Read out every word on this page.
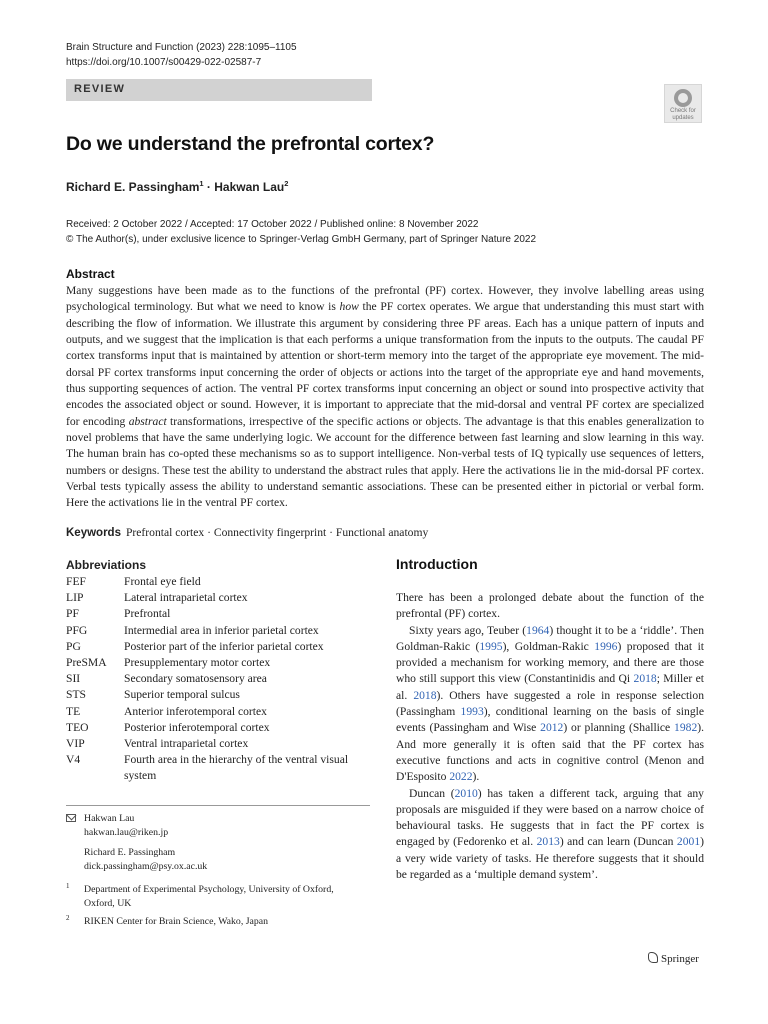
Brain Structure and Function (2023) 228:1095–1105
https://doi.org/10.1007/s00429-022-02587-7
REVIEW
Check for
updates
Do we understand the prefrontal cortex?
Richard E. Passingham$^1$ · Hakwan Lau$^2$
Received: 2 October 2022 / Accepted: 17 October 2022 / Published online: 8 November 2022
© The Author(s), under exclusive licence to Springer-Verlag GmbH Germany, part of Springer Nature 2022
Abstract

Many suggestions have been made as to the functions of the prefrontal (PF) cortex. However, they involve labelling areas using psychological terminology. But what we need to know is how the PF cortex operates. We argue that understanding this must start with describing the flow of information. We illustrate this argument by considering three PF areas. Each has a unique pattern of inputs and outputs, and we suggest that the implication is that each performs a unique transformation from the inputs to the outputs. The caudal PF cortex transforms input that is maintained by attention or short-term memory into the target of the appropriate eye movement. The mid-dorsal PF cortex transforms input concerning the order of objects or actions into the target of the appropriate eye and hand movements, thus supporting sequences of action. The ventral PF cortex transforms input concerning an object or sound into prospective activity that encodes the associated object or sound. However, it is important to appreciate that the mid-dorsal and ventral PF cortex are specialized for encoding abstract transformations, irrespective of the specific actions or objects. The advantage is that this enables generalization to novel problems that have the same underlying logic. We account for the difference between fast learning and slow learning in this way. The human brain has co-opted these mechanisms so as to support intelligence. Non-verbal tests of IQ typically use sequences of letters, numbers or designs. These test the ability to understand the abstract rules that apply. Here the activations lie in the mid-dorsal PF cortex. Verbal tests typically assess the ability to understand semantic associations. These can be presented either in pictorial or verbal form. Here the activations lie in the ventral PF cortex.

Keywords Prefrontal cortex · Connectivity fingerprint · Functional anatomy
Abbreviations
FEF	Frontal eye field
LIP	Lateral intraparietal cortex
PF	Prefrontal
PFG	Intermedial area in inferior parietal cortex
PG	Posterior part of the inferior parietal cortex
PreSMA	Presupplementary motor cortex
SII	Secondary somatosensory area
STS	Superior temporal sulcus
TE	Anterior inferotemporal cortex
TEO	Posterior inferotemporal cortex
VIP	Ventral intraparietal cortex
V4	Fourth area in the hierarchy of the ventral visual system
Hakwan Lau
hakwan.lau@riken.jp
Richard E. Passingham
dick.passingham@psy.ox.ac.uk
1 Department of Experimental Psychology, University of Oxford, Oxford, UK
2 RIKEN Center for Brain Science, Wako, Japan
Introduction

There has been a prolonged debate about the function of the prefrontal (PF) cortex.

Sixty years ago, Teuber (1964) thought it to be a ‘riddle’. Then Goldman-Rakic (1995), Goldman-Rakic 1996) proposed that it provided a mechanism for working memory, and there are those who still support this view (Constantinidis and Qi 2018; Miller et al. 2018). Others have suggested a role in response selection (Passingham 1993), conditional learning on the basis of single events (Passingham and Wise 2012) or planning (Shallice 1982). And more generally it is often said that the PF cortex has executive functions and acts in cognitive control (Menon and D'Esposito 2022).

Duncan (2010) has taken a different tack, arguing that any proposals are misguided if they were based on a narrow choice of behavioural tasks. He suggests that in fact the PF cortex is engaged by (Fedorenko et al. 2013) and can learn (Duncan 2001) a very wide variety of tasks. He therefore suggests that it should be regarded as a ‘multiple demand system’.

Springer
